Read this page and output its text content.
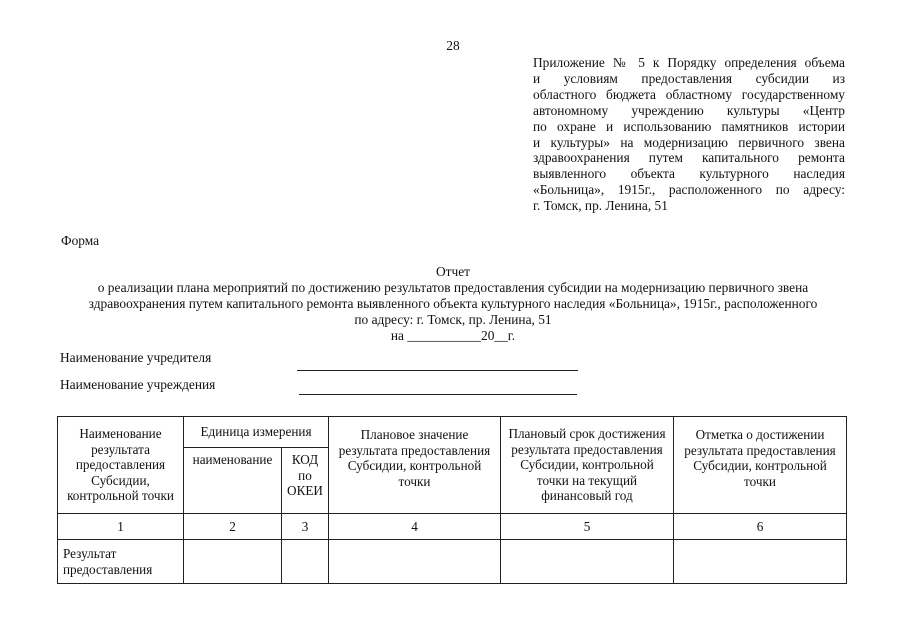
28
Приложение № 5 к Порядку определения объема
и условиям предоставления субсидии из
областного бюджета областному государственному
автономному учреждению культуры «Центр
по охране и использованию памятников истории
и культуры» на модернизацию первичного звена
здравоохранения путем капитального ремонта
выявленного объекта культурного наследия
«Больница», 1915г., расположенного по адресу:
г. Томск, пр. Ленина, 51
Форма
Отчет
о реализации плана мероприятий по достижению результатов предоставления субсидии на модернизацию первичного звена
здравоохранения путем капитального ремонта выявленного объекта культурного наследия «Больница», 1915г., расположенного
по адресу: г. Томск, пр. Ленина, 51
на ___________20__г.
Наименование учредителя
Наименование учреждения
Наименование результата предоставления Субсидии, контрольной точки	Единица измерения		Плановое значение результата предоставления Субсидии, контрольной точки	Плановый срок достижения результата предоставления Субсидии, контрольной точки на текущий финансовый год	Отметка о достижении результата предоставления Субсидии, контрольной точки
	наименование	КОД по ОКЕИ			
1	2	3	4	5	6
Результат предоставления					
